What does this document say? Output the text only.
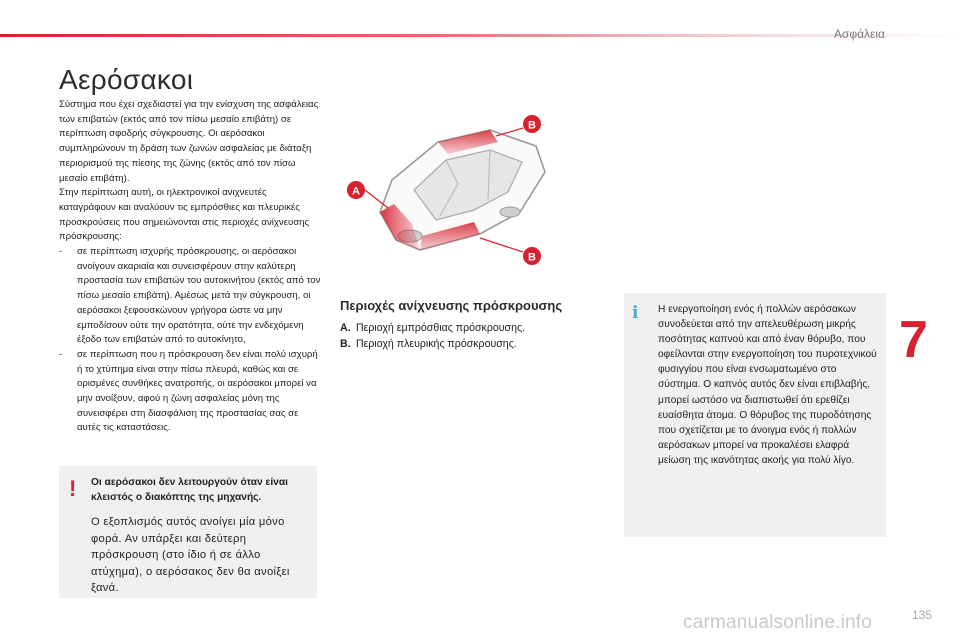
Ασφάλεια
Αερόσακοι

Σύστημα που έχει σχεδιαστεί για την ενίσχυση της ασφάλειας των επιβατών (εκτός από τον πίσω μεσαίο επιβάτη) σε περίπτωση σφοδρής σύγκρουσης. Οι αερόσακοι συμπληρώνουν τη δράση των ζωνών ασφαλείας με διάταξη περιορισμού της πίεσης της ζώνης (εκτός από τον πίσω μεσαίο επιβάτη).

Στην περίπτωση αυτή, οι ηλεκτρονικοί ανιχνευτές καταγράφουν και αναλύουν τις εμπρόσθιες και πλευρικές προσκρούσεις που σημειώνονται στις περιοχές ανίχνευσης πρόσκρουσης:

- σε περίπτωση ισχυρής πρόσκρουσης, οι αερόσακοι ανοίγουν ακαριαία και συνεισφέρουν στην καλύτερη προστασία των επιβατών του αυτοκινήτου (εκτός από τον πίσω μεσαίο επιβάτη). Αμέσως μετά την σύγκρουση, οι αερόσακοι ξεφουσκώνουν γρήγορα ώστε να μην εμποδίσουν ούτε την ορατότητα, ούτε την ενδεχόμενη έξοδο των επιβατών από το αυτοκίνητο,
- σε περίπτωση που η πρόσκρουση δεν είναι πολύ ισχυρή ή το χτύπημα είναι στην πίσω πλευρά, καθώς και σε ορισμένες συνθήκες ανατροπής, οι αερόσακοι μπορεί να μην ανοίξουν, αφού η ζώνη ασφαλείας μόνη της συνεισφέρει στη διασφάλιση της προστασίας σας σε αυτές τις καταστάσεις.
! Οι αερόσακοι δεν λειτουργούν όταν είναι κλειστός ο διακόπτης της μηχανής.
Ο εξοπλισμός αυτός ανοίγει μία μόνο φορά. Αν υπάρξει και δεύτερη πρόσκρουση (στο ίδιο ή σε άλλο ατύχημα), ο αερόσακος δεν θα ανοίξει ξανά.
A
B
B
Περιοχές ανίχνευσης πρόσκρουσης
A. Περιοχή εμπρόσθιας πρόσκρουσης.
B. Περιοχή πλευρικής πρόσκρουσης.
i Η ενεργοποίηση ενός ή πολλών αερόσακων συνοδεύεται από την απελευθέρωση μικρής ποσότητας καπνού και από έναν θόρυβο, που οφείλονται στην ενεργοποίηση του πυροτεχνικού φυσιγγίου που είναι ενσωματωμένο στο σύστημα. Ο καπνός αυτός δεν είναι επιβλαβής, μπορεί ωστόσο να διαπιστωθεί ότι ερεθίζει ευαίσθητα άτομα. Ο θόρυβος της πυροδότησης που σχετίζεται με το άνοιγμα ενός ή πολλών αερόσακων μπορεί να προκαλέσει ελαφρά μείωση της ικανότητας ακοής για πολύ λίγο.
7
carmanualsonline.info	135
